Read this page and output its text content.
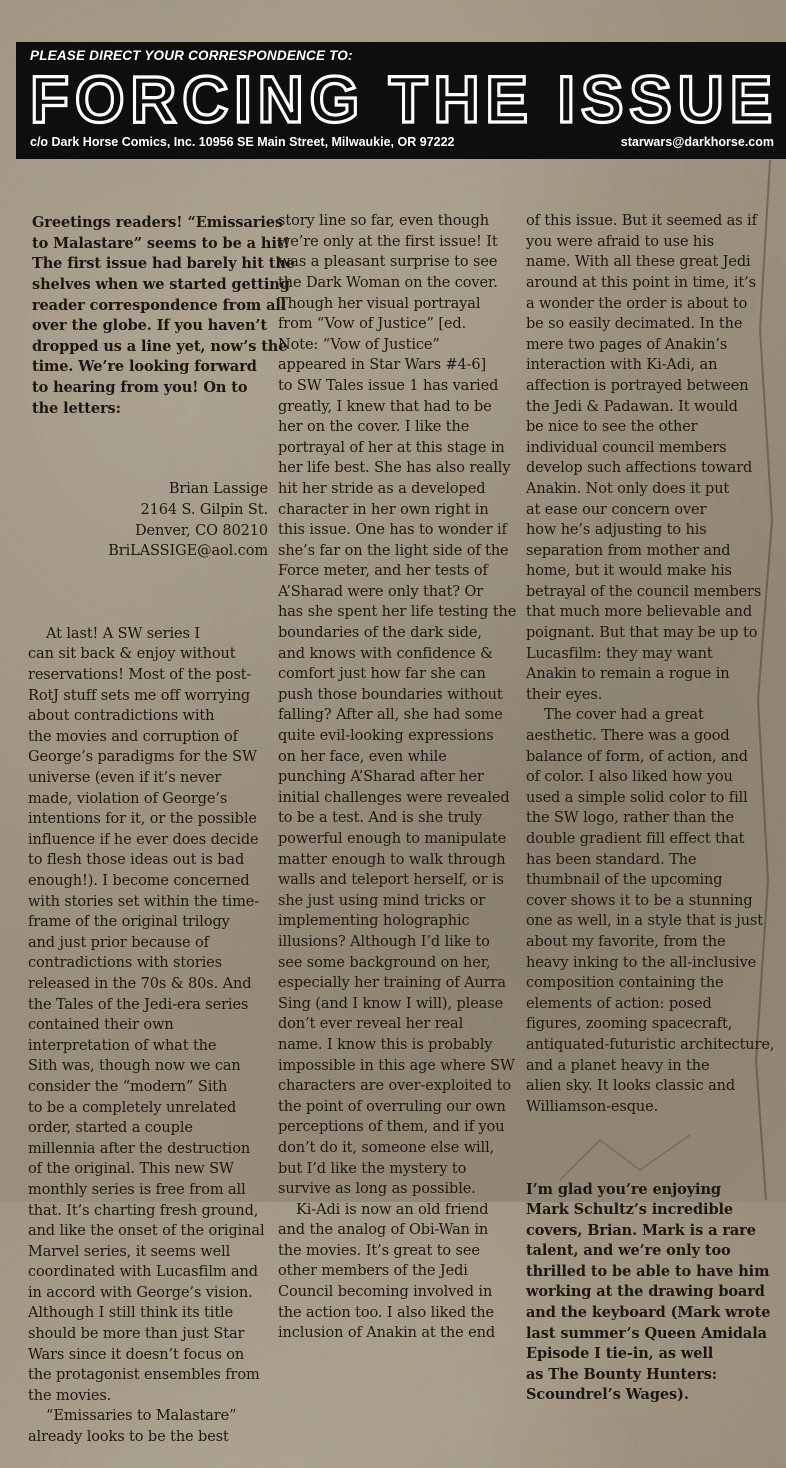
PLEASE DIRECT YOUR CORRESPONDENCE TO:
FORCING THE ISSUE
c/o Dark Horse Comics, Inc. 10956 SE Main Street, Milwaukie, OR 97222	starwars@darkhorse.com

Greetings readers! “Emissaries
to Malastare” seems to be a hit!
The first issue had barely hit the
shelves when we started getting
reader correspondence from all
over the globe. If you haven’t
dropped us a line yet, now’s the
time. We’re looking forward
to hearing from you! On to
the letters:

Brian Lassige
2164 S. Gilpin St.
Denver, CO 80210
BriLASSIGE@aol.com

At last! A SW series I
can sit back & enjoy without
reservations! Most of the post-
RotJ stuff sets me off worrying
about contradictions with
the movies and corruption of
George’s paradigms for the SW
universe (even if it’s never
made, violation of George’s
intentions for it, or the possible
influence if he ever does decide
to flesh those ideas out is bad
enough!). I become concerned
with stories set within the time-
frame of the original trilogy
and just prior because of
contradictions with stories
released in the 70s & 80s. And
the Tales of the Jedi-era series
contained their own
interpretation of what the
Sith was, though now we can
consider the “modern” Sith
to be a completely unrelated
order, started a couple
millennia after the destruction
of the original. This new SW
monthly series is free from all
that. It’s charting fresh ground,
and like the onset of the original
Marvel series, it seems well
coordinated with Lucasfilm and
in accord with George’s vision.
Although I still think its title
should be more than just Star
Wars since it doesn’t focus on
the protagonist ensembles from
the movies.
“Emissaries to Malastare”
already looks to be the best

story line so far, even though
we’re only at the first issue! It
was a pleasant surprise to see
the Dark Woman on the cover.
Though her visual portrayal
from “Vow of Justice” [ed.
Note: “Vow of Justice”
appeared in Star Wars #4-6]
to SW Tales issue 1 has varied
greatly, I knew that had to be
her on the cover. I like the
portrayal of her at this stage in
her life best. She has also really
hit her stride as a developed
character in her own right in
this issue. One has to wonder if
she’s far on the light side of the
Force meter, and her tests of
A’Sharad were only that? Or
has she spent her life testing the
boundaries of the dark side,
and knows with confidence &
comfort just how far she can
push those boundaries without
falling? After all, she had some
quite evil-looking expressions
on her face, even while
punching A’Sharad after her
initial challenges were revealed
to be a test. And is she truly
powerful enough to manipulate
matter enough to walk through
walls and teleport herself, or is
she just using mind tricks or
implementing holographic
illusions? Although I’d like to
see some background on her,
especially her training of Aurra
Sing (and I know I will), please
don’t ever reveal her real
name. I know this is probably
impossible in this age where SW
characters are over-exploited to
the point of overruling our own
perceptions of them, and if you
don’t do it, someone else will,
but I’d like the mystery to
survive as long as possible.
Ki-Adi is now an old friend
and the analog of Obi-Wan in
the movies. It’s great to see
other members of the Jedi
Council becoming involved in
the action too. I also liked the
inclusion of Anakin at the end

of this issue. But it seemed as if
you were afraid to use his
name. With all these great Jedi
around at this point in time, it’s
a wonder the order is about to
be so easily decimated. In the
mere two pages of Anakin’s
interaction with Ki-Adi, an
affection is portrayed between
the Jedi & Padawan. It would
be nice to see the other
individual council members
develop such affections toward
Anakin. Not only does it put
at ease our concern over
how he’s adjusting to his
separation from mother and
home, but it would make his
betrayal of the council members
that much more believable and
poignant. But that may be up to
Lucasfilm: they may want
Anakin to remain a rogue in
their eyes.
The cover had a great
aesthetic. There was a good
balance of form, of action, and
of color. I also liked how you
used a simple solid color to fill
the SW logo, rather than the
double gradient fill effect that
has been standard. The
thumbnail of the upcoming
cover shows it to be a stunning
one as well, in a style that is just
about my favorite, from the
heavy inking to the all-inclusive
composition containing the
elements of action: posed
figures, zooming spacecraft,
antiquated-futuristic architecture,
and a planet heavy in the
alien sky. It looks classic and
Williamson-esque.

I’m glad you’re enjoying
Mark Schultz’s incredible
covers, Brian. Mark is a rare
talent, and we’re only too
thrilled to be able to have him
working at the drawing board
and the keyboard (Mark wrote
last summer’s Queen Amidala
Episode I tie-in, as well
as The Bounty Hunters:
Scoundrel’s Wages).
